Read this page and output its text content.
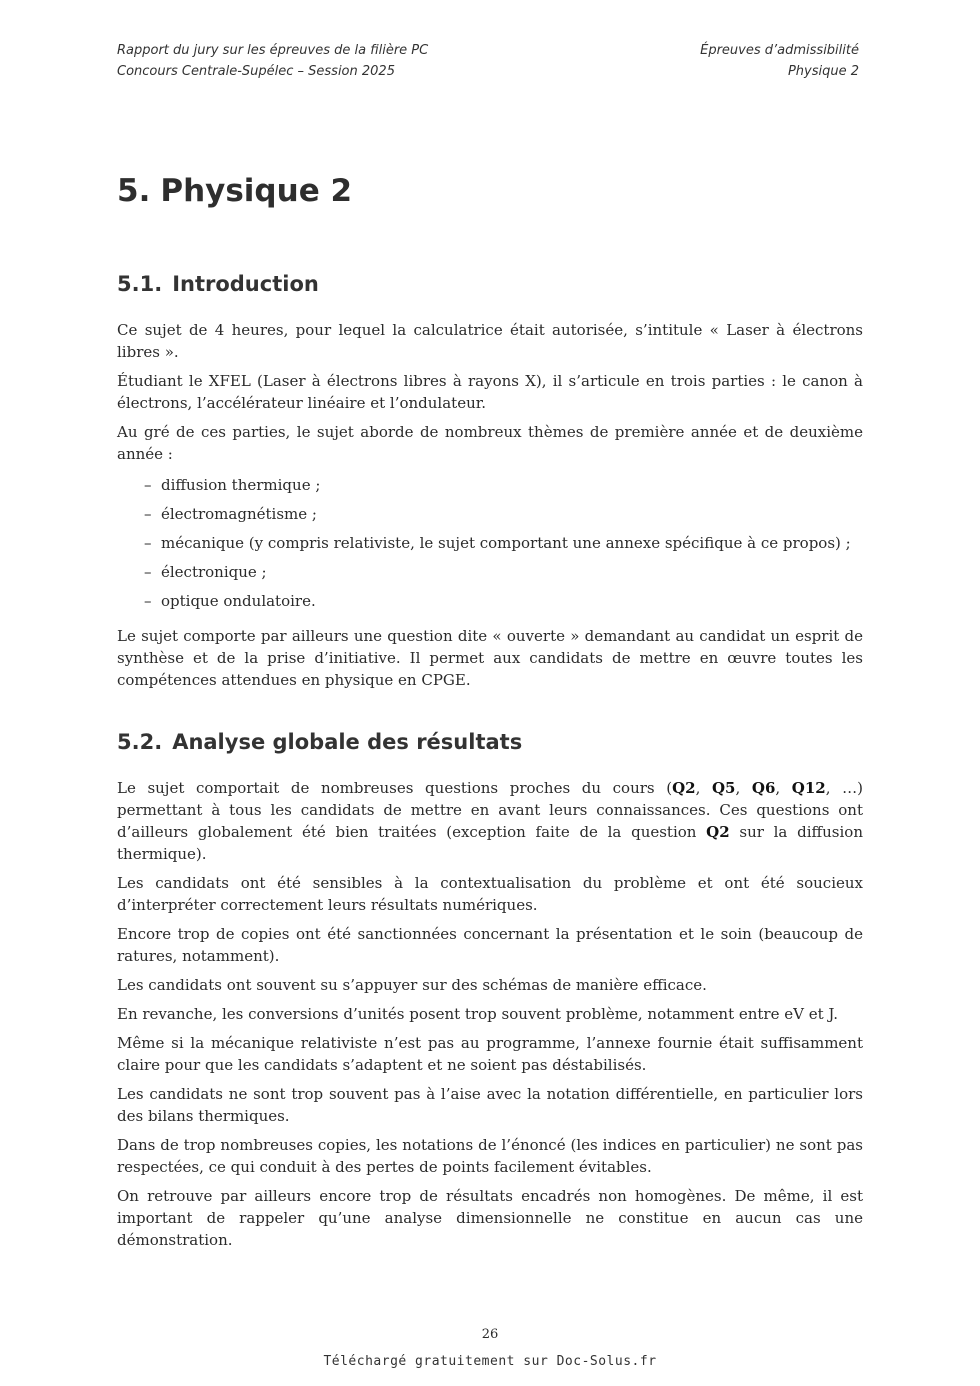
Rapport du jury sur les épreuves de la filière PC
Concours Centrale-Supélec – Session 2025
Épreuves d’admissibilité
Physique 2
5. Physique 2
5.1. Introduction

Ce sujet de 4 heures, pour lequel la calculatrice était autorisée, s’intitule « Laser à électrons libres ».

Étudiant le XFEL (Laser à électrons libres à rayons X), il s’articule en trois parties : le canon à électrons, l’accélérateur linéaire et l’ondulateur.

Au gré de ces parties, le sujet aborde de nombreux thèmes de première année et de deuxième année :

– diffusion thermique ;
– électromagnétisme ;
– mécanique (y compris relativiste, le sujet comportant une annexe spécifique à ce propos) ;
– électronique ;
– optique ondulatoire.

Le sujet comporte par ailleurs une question dite « ouverte » demandant au candidat un esprit de synthèse et de la prise d’initiative. Il permet aux candidats de mettre en œuvre toutes les compétences attendues en physique en CPGE.

5.2. Analyse globale des résultats

Le sujet comportait de nombreuses questions proches du cours (Q2, Q5, Q6, Q12, …) permettant à tous les candidats de mettre en avant leurs connaissances. Ces questions ont d’ailleurs globalement été bien traitées (exception faite de la question Q2 sur la diffusion thermique).

Les candidats ont été sensibles à la contextualisation du problème et ont été soucieux d’interpréter correctement leurs résultats numériques.

Encore trop de copies ont été sanctionnées concernant la présentation et le soin (beaucoup de ratures, notamment).

Les candidats ont souvent su s’appuyer sur des schémas de manière efficace.

En revanche, les conversions d’unités posent trop souvent problème, notamment entre eV et J.

Même si la mécanique relativiste n’est pas au programme, l’annexe fournie était suffisamment claire pour que les candidats s’adaptent et ne soient pas déstabilisés.

Les candidats ne sont trop souvent pas à l’aise avec la notation différentielle, en particulier lors des bilans thermiques.

Dans de trop nombreuses copies, les notations de l’énoncé (les indices en particulier) ne sont pas respectées, ce qui conduit à des pertes de points facilement évitables.

On retrouve par ailleurs encore trop de résultats encadrés non homogènes. De même, il est important de rappeler qu’une analyse dimensionnelle ne constitue en aucun cas une démonstration.

26
Téléchargé gratuitement sur Doc-Solus.fr
